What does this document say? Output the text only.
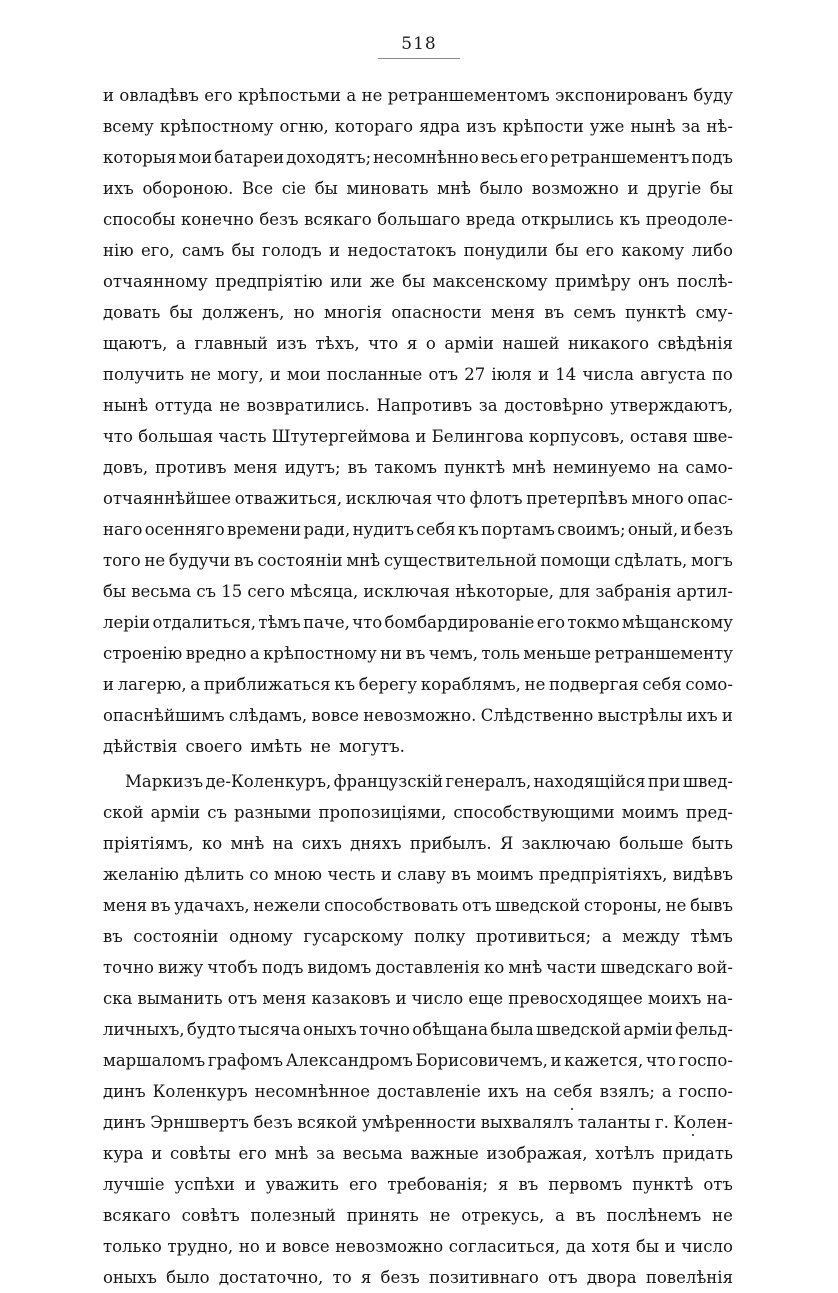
518
и овладѣвъ его крѣпостьми а не ретраншементомъ экспонированъ буду
всему крѣпостному огню, котораго ядра изъ крѣпости уже нынѣ за нѣ-
которыя мои батареи доходятъ; несомнѣнно весь его ретраншементъ подъ
ихъ обороною. Все сіе бы миновать мнѣ было возможно и другіе бы
способы конечно безъ всякаго большаго вреда открылись къ преодоле-
нію его, самъ бы голодъ и недостатокъ понудили бы его какому либо
отчаянному предпріятію или же бы максенскому примѣру онъ послѣ-
довать бы долженъ, но многія опасности меня въ семъ пунктѣ сму-
щаютъ, а главный изъ тѣхъ, что я о арміи нашей никакого свѣдѣнія
получить не могу, и мои посланные отъ 27 іюля и 14 числа августа по
нынѣ оттуда не возвратились. Напротивъ за достовѣрно утверждаютъ,
что большая часть Штутергеймова и Белингова корпусовъ, оставя шве-
довъ, противъ меня идутъ; въ такомъ пунктѣ мнѣ неминуемо на само-
отчаяннѣйшее отважиться, исключая что флотъ претерпѣвъ много опас-
наго осенняго времени ради, нудитъ себя къ портамъ своимъ; оный, и безъ
того не будучи въ состояніи мнѣ существительной помощи сдѣлать, могъ
бы весьма съ 15 сего мѣсяца, исключая нѣкоторые, для забранія артил-
леріи отдалиться, тѣмъ паче, что бомбардированіе его токмо мѣщанскому
строенію вредно а крѣпостному ни въ чемъ, толь меньше ретраншементу
и лагерю, а приближаться къ берегу кораблямъ, не подвергая себя сомо-
опаснѣйшимъ слѣдамъ, вовсе невозможно. Слѣдственно выстрѣлы ихъ и
дѣйствія своего имѣть не могутъ.
Маркизъ де-Коленкуръ, французскій генералъ, находящійся при швед-
ской арміи съ разными пропозиціями, способствующими моимъ пред-
пріятіямъ, ко мнѣ на сихъ дняхъ прибылъ. Я заключаю больше быть
желанію дѣлить со мною честь и славу въ моимъ предпріятіяхъ, видѣвъ
меня въ удачахъ, нежели способствовать отъ шведской стороны, не бывъ
въ состояніи одному гусарскому полку противиться; а между тѣмъ
точно вижу чтобъ подъ видомъ доставленія ко мнѣ части шведскаго вой-
ска выманить отъ меня казаковъ и число еще превосходящее моихъ на-
личныхъ, будто тысяча оныхъ точно обѣщана была шведской арміи фельд-
маршаломъ графомъ Александромъ Борисовичемъ, и кажется, что госпо-
динъ Коленкуръ несомнѣнное доставленіе ихъ на себя взялъ; а госпо-
динъ Эрншвертъ безъ всякой умѣренности выхвалялъ таланты г. Колен-
кура и совѣты его мнѣ за весьма важные изображая, хотѣлъ придать
лучшіе успѣхи и уважить его требованія; я въ первомъ пунктѣ отъ
всякаго совѣтъ полезный принять не отрекусь, а въ послѣнемъ не
только трудно, но и вовсе невозможно согласиться, да хотя бы и число
оныхъ было достаточно, то я безъ позитивнаго отъ двора повелѣнія
